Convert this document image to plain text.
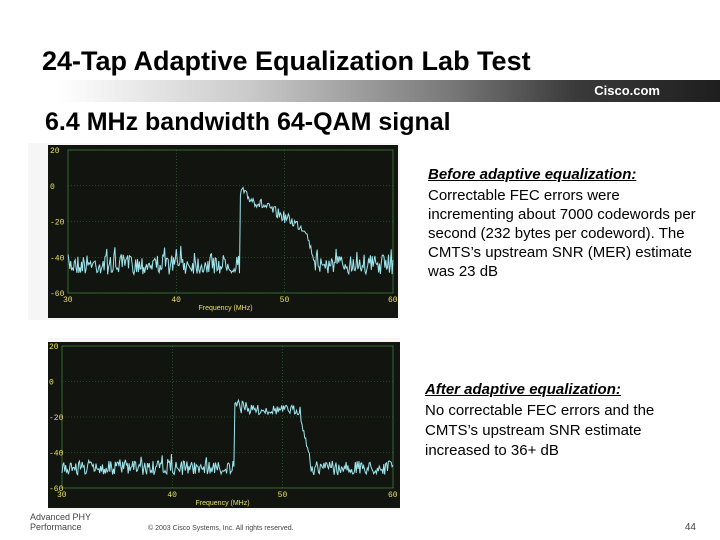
24-Tap Adaptive Equalization Lab Test
Cisco.com
6.4 MHz bandwidth 64-QAM signal
20
0
-20
-40
-60
30	40	50	60
Frequency (MHz)
20
0
-20
-40
-60
30	40	50	60
Frequency (MHz)
Before adaptive equalization:
Correctable FEC errors were incrementing about 7000 codewords per second (232 bytes per codeword). The CMTS’s upstream SNR (MER) estimate was 23 dB
After adaptive equalization:
No correctable FEC errors and the CMTS’s upstream SNR estimate increased to 36+ dB
Advanced PHY
Performance	© 2003 Cisco Systems, Inc. All rights reserved.	44
